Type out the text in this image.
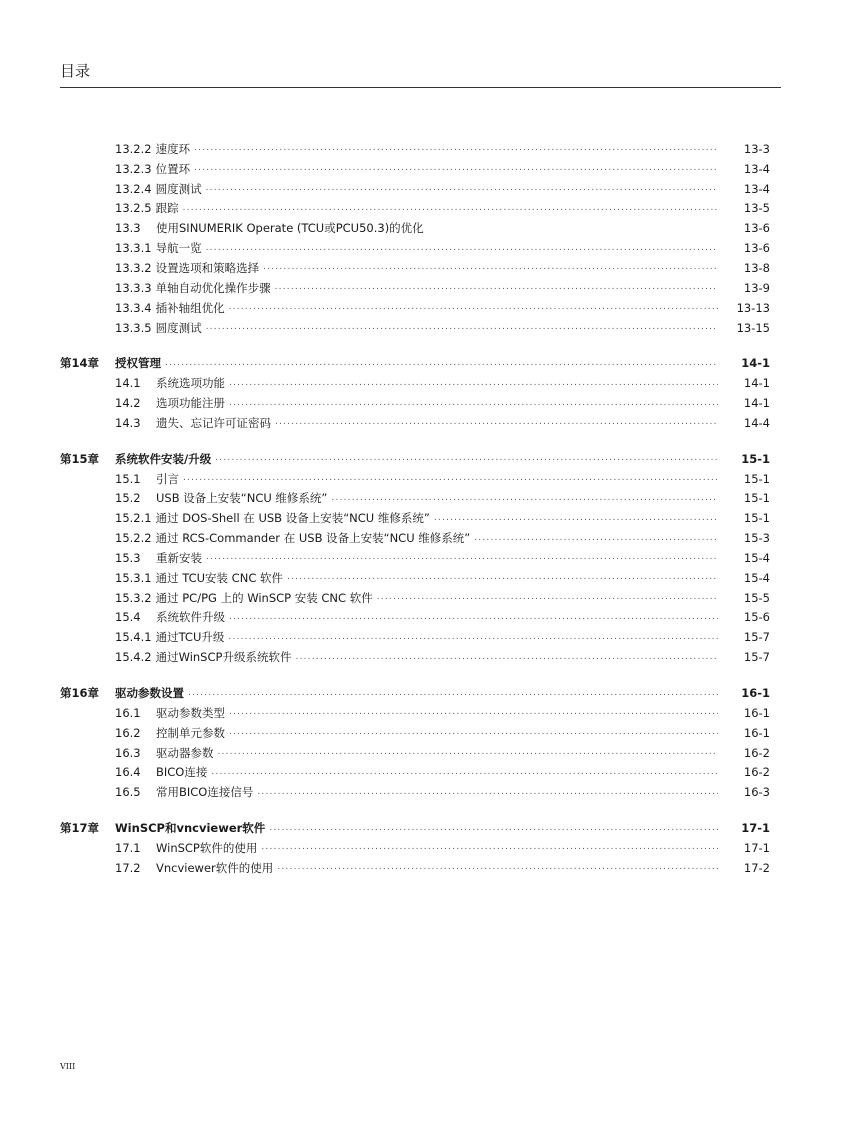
目录
13.2.2 速度环 .....	13-3
13.2.3 位置环 .....	13-4
13.2.4 圆度测试 .....	13-4
13.2.5 跟踪 .....	13-5
13.3	使用SINUMERIK Operate (TCU或PCU50.3)的优化	13-6
13.3.1 导航一览 .....	13-6
13.3.2 设置选项和策略选择 .....	13-8
13.3.3 单轴自动优化操作步骤 .....	13-9
13.3.4 插补轴组优化 .....	13-13
13.3.5 圆度测试 .....	13-15
第14章	授权管理 .....	14-1
14.1	系统选项功能 .....	14-1
14.2	选项功能注册 .....	14-1
14.3	遗失、忘记许可证密码 .....	14-4
第15章	系统软件安装/升级 .....	15-1
15.1	引言 .....	15-1
15.2	USB 设备上安装“NCU 维修系统” .....	15-1
15.2.1 通过 DOS-Shell 在 USB 设备上安装“NCU 维修系统” .....	15-1
15.2.2 通过 RCS-Commander 在 USB 设备上安装“NCU 维修系统” .....	15-3
15.3	重新安装 .....	15-4
15.3.1 通过 TCU安装 CNC 软件 .....	15-4
15.3.2 通过 PC/PG 上的 WinSCP 安装 CNC 软件 .....	15-5
15.4	系统软件升级 .....	15-6
15.4.1 通过TCU升级 .....	15-7
15.4.2 通过WinSCP升级系统软件 .....	15-7
第16章	驱动参数设置 .....	16-1
16.1	驱动参数类型 .....	16-1
16.2	控制单元参数 .....	16-1
16.3	驱动器参数 .....	16-2
16.4	BICO连接 .....	16-2
16.5	常用BICO连接信号 .....	16-3
第17章	WinSCP和vncviewer软件 .....	17-1
17.1	WinSCP软件的使用 .....	17-1
17.2	Vncviewer软件的使用 .....	17-2
VIII
